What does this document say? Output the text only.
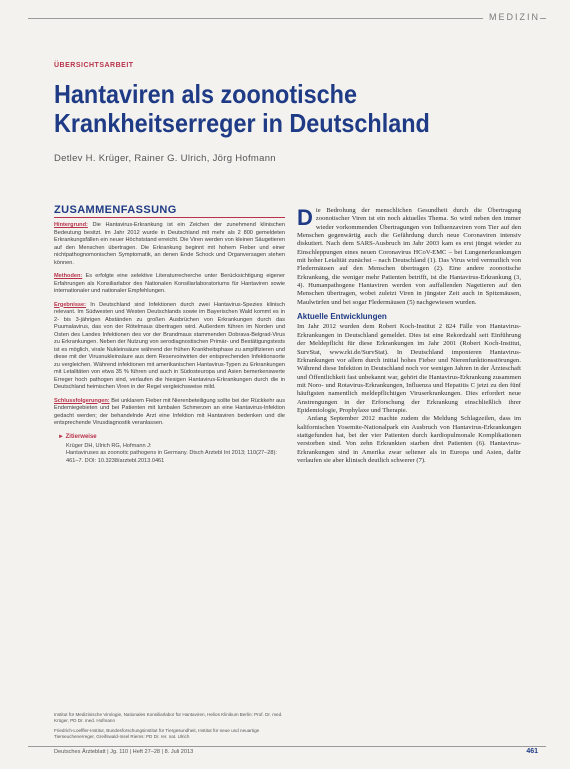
MEDIZIN
ÜBERSICHTSARBEIT
Hantaviren als zoonotische
Krankheitserreger in Deutschland
Detlev H. Krüger, Rainer G. Ulrich, Jörg Hofmann
ZUSAMMENFASSUNG

Hintergrund: Die Hantavirus-Erkrankung ist ein Zeichen der zunehmend klinischen Bedeutung besitzt. Im Jahr 2012 wurde in Deutschland mit mehr als 2 800 gemeldeten Erkrankungsfällen ein neuer Höchststand erreicht. Die Viren werden von kleinen Säugetieren auf den Menschen übertragen. Die Erkrankung beginnt mit hohem Fieber und einer nichtpathognomonischen Symptomatik, an denen Ende Schock und Organversagen stehen können.

Methoden: Es erfolgte eine selektive Literaturrecherche unter Berücksichtigung eigener Erfahrungen als Konsiliarlabor des Nationalen Konsiliarlaboratoriums für Hantaviren sowie internationaler und nationaler Empfehlungen.

Ergebnisse: In Deutschland sind Infektionen durch zwei Hantavirus-Spezies klinisch relevant. Im Südwesten und Westen Deutschlands sowie im Bayerischen Wald kommt es in 2- bis 3-jährigen Abständen zu großen Ausbrüchen von Erkrankungen durch das Puumalavirus, das von der Rötelmaus übertragen wird. Außerdem führen im Norden und Osten des Landes Infektionen des vor der Brandmaus stammenden Dobrava-Belgrad-Virus zu Erkrankungen. Neben der Nutzung von serodiagnostischen Primär- und Bestätigungstests ist es möglich, virale Nukleinsäure während der frühen Krankheitsphase zu amplifizieren und diese mit der Virusnukleinsäure aus dem Reservoirwirten der entsprechenden Infektionsorte zu vergleichen. Während infektionen mit amerikanischen Hantavirus-Typen zu Erkrankungen mit Letalitäten von etwa 35 % führen und auch in Südosteuropa und Asien bemerkenswerte Erreger hoch pathogen sind, verlaufen die hiesigen Hantavirus-Erkrankungen durch die in Deutschland heimischen Viren in der Regel vergleichsweise mild.

Schlussfolgerungen: Bei unklarem Fieber mit Nierenbeteiligung sollte bei der Rückkehr aus Endemiegebieten und bei Patienten mit lumbalen Schmerzen an eine Hantavirus-Infektion gedacht werden; der behandelnde Arzt eine Infektion mit Hantaviren bedenken und die entsprechende Virusdiagnostik veranlassen.

► Zitierweise
Krüger DH, Ulrich RG, Hofmann J:
Hantaviruses as zoonotic pathogens in Germany. Dtsch Arztebl Int 2013; 110(27–28): 461–7. DOI: 10.3238/arztebl.2013.0461

Die Bedrohung der menschlichen Gesundheit durch die Übertragung zoonotischer Viren ist ein noch aktuelles Thema. So wird neben den immer wieder vorkommenden Übertragungen von Influenzaviren vom Tier auf den Menschen gegenwärtig auch die Gefährdung durch neue Coronaviren intensiv diskutiert. Nach dem SARS-Ausbruch im Jahr 2003 kam es erst jüngst wieder zu Einschleppungen eines neuen Coronavirus HCoV-EMC – bei Lungenerkrankungen mit hoher Letalität zunächst – nach Deutschland (1). Das Virus wird vermutlich von Fledermäusen auf den Menschen übertragen (2). Eine andere zoonotische Erkrankung, die weniger mehr Patienten betrifft, ist die Hantavirus-Erkrankung (3, 4). Humanpathogene Hantaviren werden von auffallenden Nagetieren auf den Menschen übertragen, wobei zuletzt Viren in jüngster Zeit auch in Spitzmäusen, Maulwürfen und bei sogar Fledermäusen (5) nachgewiesen wurden.

Aktuelle Entwicklungen

Im Jahr 2012 wurden dem Robert Koch-Institut 2 824 Fälle von Hantavirus-Erkrankungen in Deutschland gemeldet. Dies ist eine Rekordzahl seit Einführung der Meldepflicht für diese Erkrankungen im Jahr 2001 (Robert Koch-Institut, SurvStat, www.rki.de/SurvStat). In Deutschland imponieren Hantavirus-Erkrankungen vor allem durch initial hohes Fieber und Nierenfunktionsstörungen. Während diese Infektion in Deutschland noch vor wenigen Jahren in der Ärzteschaft und Öffentlichkeit fast unbekannt war, gehört die Hantavirus-Erkrankung zusammen mit Noro- und Rotavirus-Erkrankungen, Influenza und Hepatitis C jetzt zu den fünf häufigsten namentlich meldepflichtigen Viruserkrankungen. Dies erfordert neue Anstrengungen in der Erforschung der Erkrankung einschließlich ihrer Epidemiologie, Prophylaxe und Therapie.

Anfang September 2012 machte zudem die Meldung Schlagzeilen, dass im kalifornischen Yosemite-Nationalpark ein Ausbruch von Hantavirus-Erkrankungen stattgefunden hat, bei der vier Patienten durch kardiopulmonale Komplikationen verstorben sind. Von zehn Erkrankten starben drei Patienten (6). Hantavirus-Erkrankungen sind in Amerika zwar seltener als in Europa und Asien, dafür verlaufen sie aber klinisch deutlich schwerer (7).

Institut für Medizinische Virologie, Nationales Konsiliarlabor für Hantaviren, Helios Klinikum Berlin: Prof. Dr. med. Krüger, PD Dr. med. Hofmann

Friedrich-Loeffler-Institut, Bundesforschungsinstitut für Tiergesundheit, Institut für neue und neuartige Tierseuchenerreger, Greifswald-Insel Riems: PD Dr. rer. nat. Ulrich

Deutsches Ärzteblatt | Jg. 110 | Heft 27–28 | 8. Juli 2013	461
